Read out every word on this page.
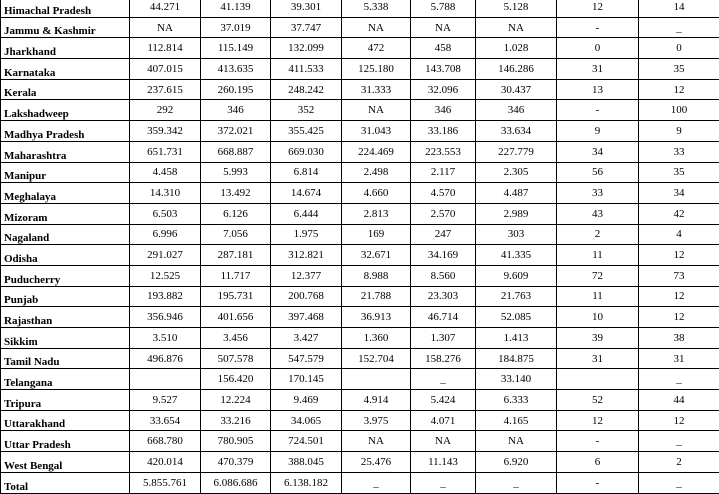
Himachal Pradesh	44.271	41.139	39.301	5.338	5.788	5.128	12	14	
Jammu & Kashmir	NA	37.019	37.747	NA	NA	NA	-	_	
Jharkhand	112.814	115.149	132.099	472	458	1.028	0	0	
Karnataka	407.015	413.635	411.533	125.180	143.708	146.286	31	35	
Kerala	237.615	260.195	248.242	31.333	32.096	30.437	13	12	
Lakshadweep	292	346	352	NA	346	346	-	100	
Madhya Pradesh	359.342	372.021	355.425	31.043	33.186	33.634	9	9	
Maharashtra	651.731	668.887	669.030	224.469	223.553	227.779	34	33	
Manipur	4.458	5.993	6.814	2.498	2.117	2.305	56	35	
Meghalaya	14.310	13.492	14.674	4.660	4.570	4.487	33	34	
Mizoram	6.503	6.126	6.444	2.813	2.570	2.989	43	42	
Nagaland	6.996	7.056	1.975	169	247	303	2	4	
Odisha	291.027	287.181	312.821	32.671	34.169	41.335	11	12	
Puducherry	12.525	11.717	12.377	8.988	8.560	9.609	72	73	
Punjab	193.882	195.731	200.768	21.788	23.303	21.763	11	12	
Rajasthan	356.946	401.656	397.468	36.913	46.714	52.085	10	12	
Sikkim	3.510	3.456	3.427	1.360	1.307	1.413	39	38	
Tamil Nadu	496.876	507.578	547.579	152.704	158.276	184.875	31	31	
Telangana		156.420	170.145		_	33.140		_	
Tripura	9.527	12.224	9.469	4.914	5.424	6.333	52	44	
Uttarakhand	33.654	33.216	34.065	3.975	4.071	4.165	12	12	
Uttar Pradesh	668.780	780.905	724.501	NA	NA	NA	-	_	
West Bengal	420.014	470.379	388.045	25.476	11.143	6.920	6	2	
Total	5.855.761	6.086.686	6.138.182	_	_	_	-	_	
